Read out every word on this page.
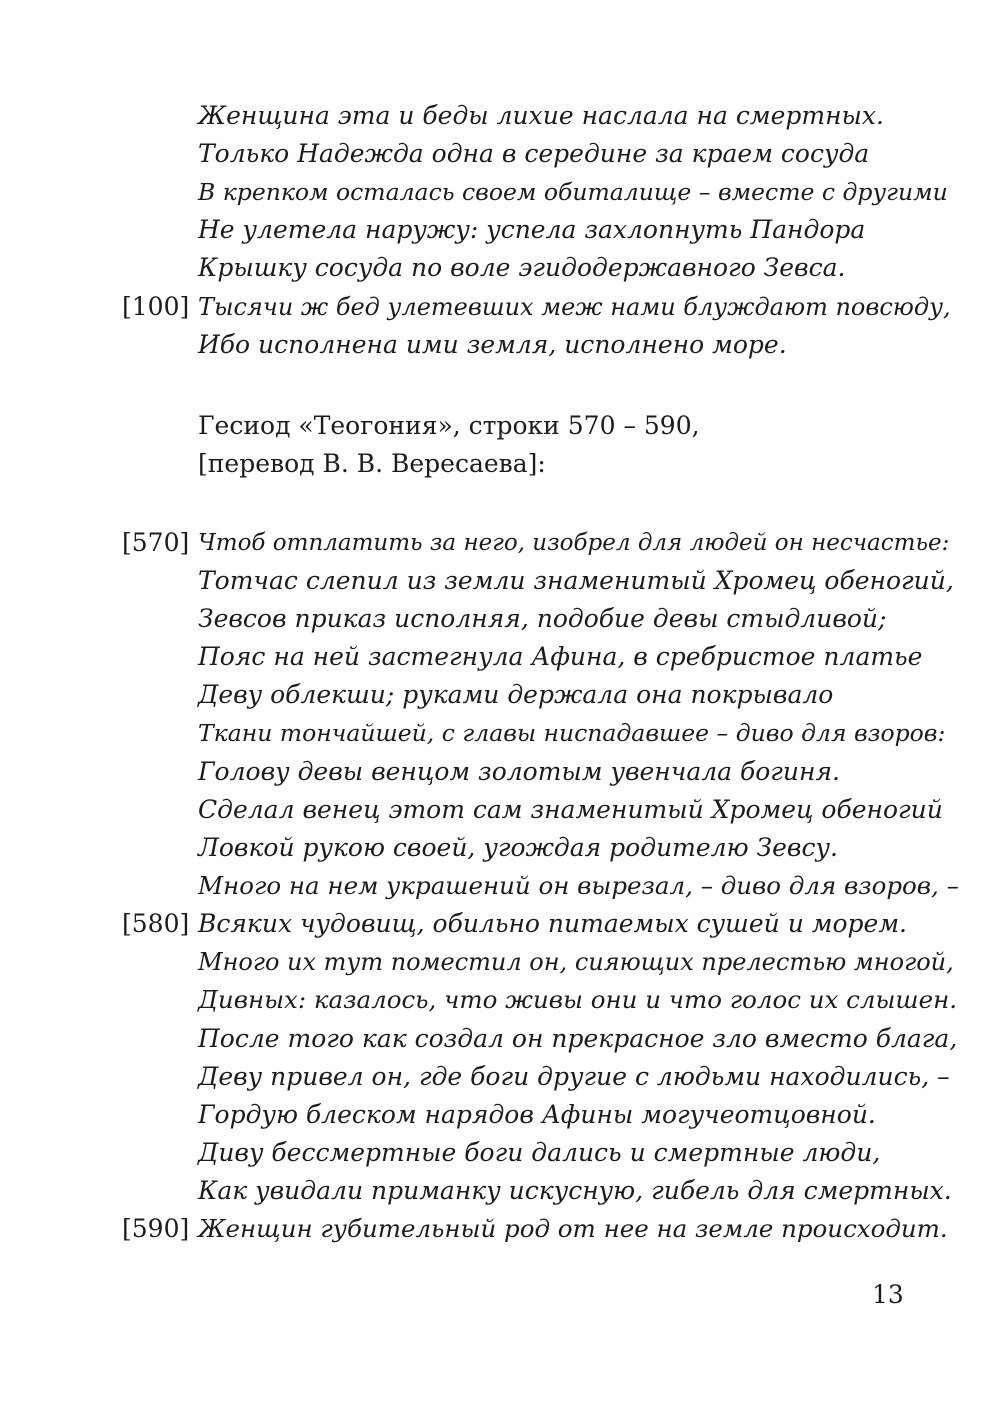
Женщина эта и беды лихие наслала на смертных.
Только Надежда одна в середине за краем сосуда
В крепком осталась своем обиталище – вместе с другими
Не улетела наружу: успела захлопнуть Пандора
Крышку сосуда по воле эгидодержавного Зевса.
[100] Тысячи ж бед улетевших меж нами блуждают повсюду,
Ибо исполнена ими земля, исполнено море.
Гесиод «Теогония», строки 570 – 590,
[перевод В. В. Вересаева]:
[570] Чтоб отплатить за него, изобрел для людей он несчастье:
Тотчас слепил из земли знаменитый Хромец обеногий,
Зевсов приказ исполняя, подобие девы стыдливой;
Пояс на ней застегнула Афина, в сребристое платье
Деву облекши; руками держала она покрывало
Ткани тончайшей, с главы ниспадавшее – диво для взоров:
Голову девы венцом золотым увенчала богиня.
Сделал венец этот сам знаменитый Хромец обеногий
Ловкой рукою своей, угождая родителю Зевсу.
Много на нем украшений он вырезал, – диво для взоров, –
[580] Всяких чудовищ, обильно питаемых сушей и морем.
Много их тут поместил он, сияющих прелестью многой,
Дивных: казалось, что живы они и что голос их слышен.
После того как создал он прекрасное зло вместо блага,
Деву привел он, где боги другие с людьми находились, –
Гордую блеском нарядов Афины могучеотцовной.
Диву бессмертные боги дались и смертные люди,
Как увидали приманку искусную, гибель для смертных.
[590] Женщин губительный род от нее на земле происходит.
13
